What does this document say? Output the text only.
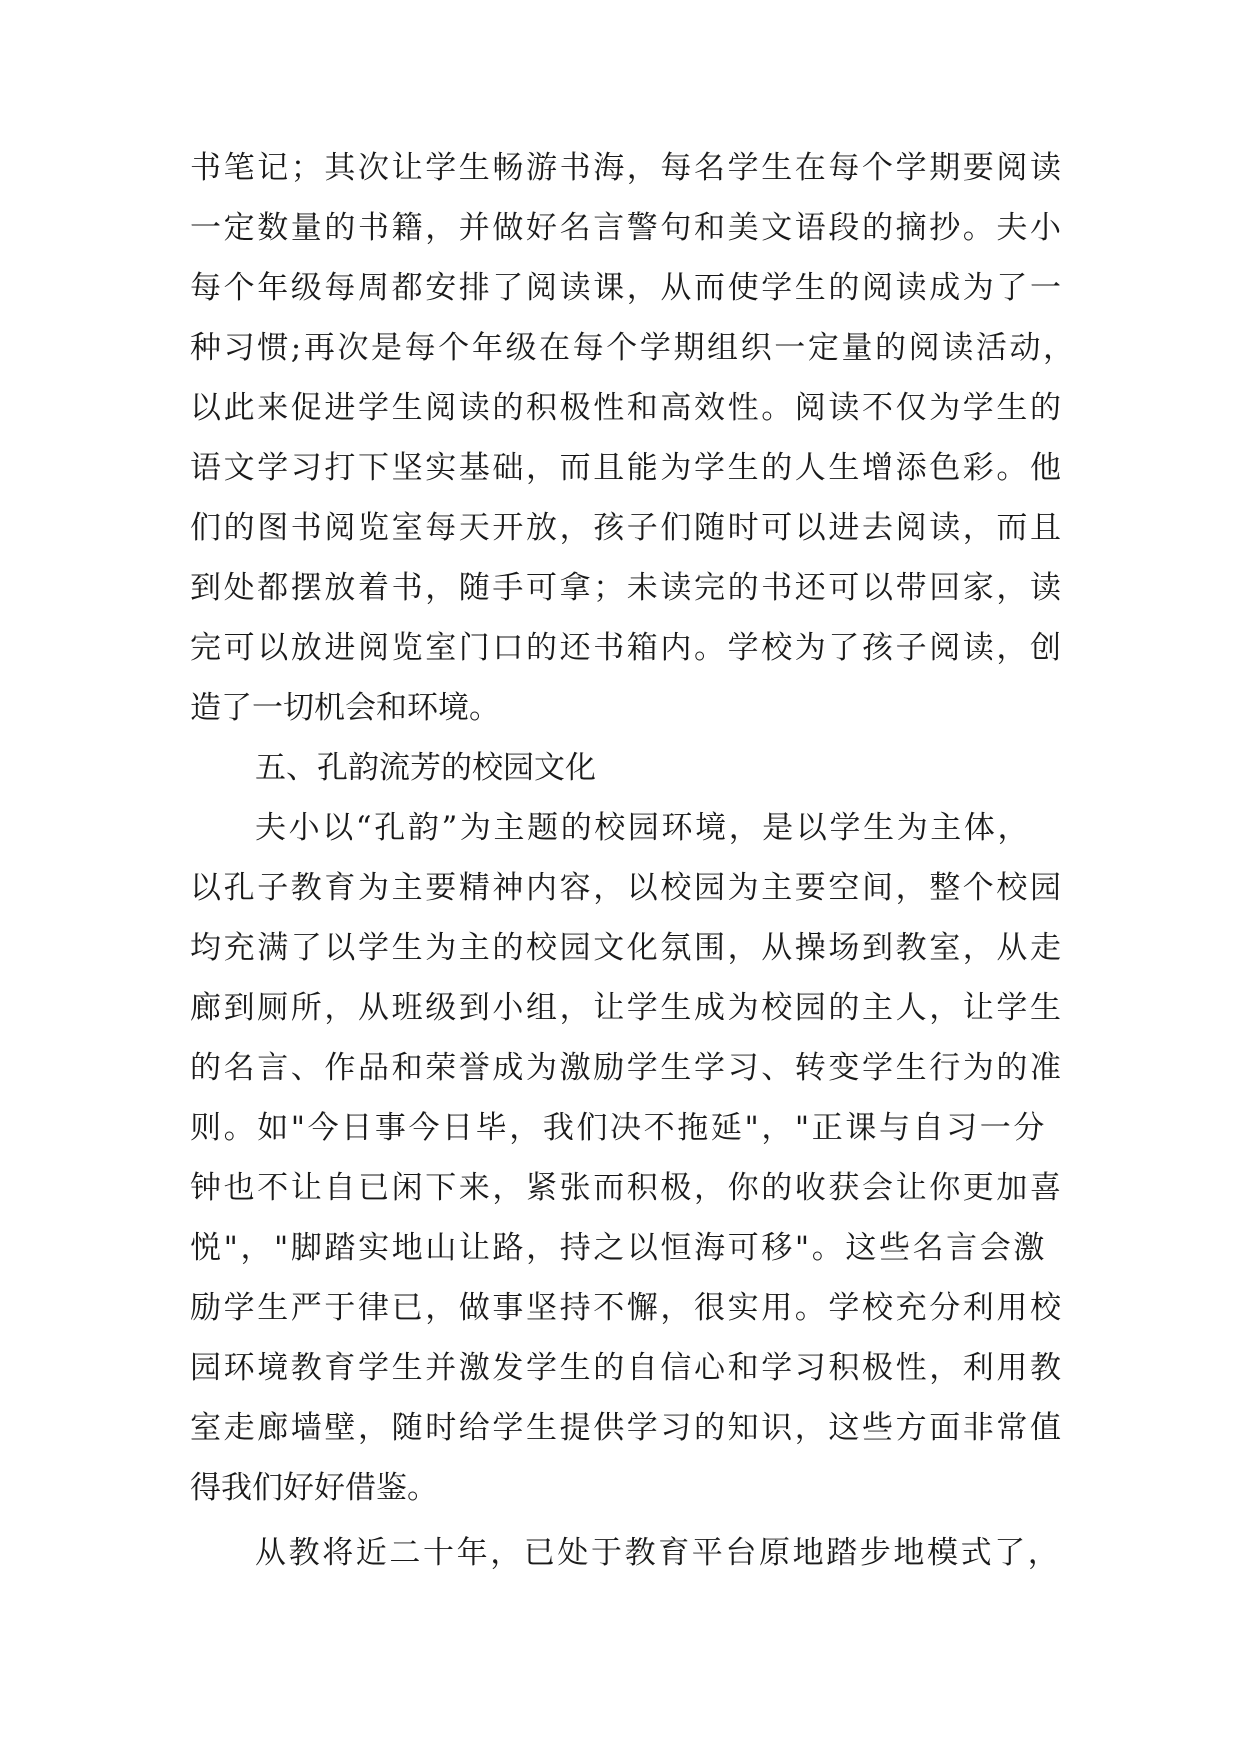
书笔记；其次让学生畅游书海，每名学生在每个学期要阅读
一定数量的书籍，并做好名言警句和美文语段的摘抄。夫小
每个年级每周都安排了阅读课，从而使学生的阅读成为了一
种习惯;再次是每个年级在每个学期组织一定量的阅读活动，
以此来促进学生阅读的积极性和高效性。阅读不仅为学生的
语文学习打下坚实基础，而且能为学生的人生增添色彩。他
们的图书阅览室每天开放，孩子们随时可以进去阅读，而且
到处都摆放着书，随手可拿；未读完的书还可以带回家，读
完可以放进阅览室门口的还书箱内。学校为了孩子阅读，创
造了一切机会和环境。
五、孔韵流芳的校园文化
夫小以“孔韵”为主题的校园环境，是以学生为主体，
以孔子教育为主要精神内容，以校园为主要空间，整个校园
均充满了以学生为主的校园文化氛围，从操场到教室，从走
廊到厕所，从班级到小组，让学生成为校园的主人，让学生
的名言、作品和荣誉成为激励学生学习、转变学生行为的准
则。如"今日事今日毕，我们决不拖延"，"正课与自习一分
钟也不让自已闲下来，紧张而积极，你的收获会让你更加喜
悦"，"脚踏实地山让路，持之以恒海可移"。这些名言会激
励学生严于律已，做事坚持不懈，很实用。学校充分利用校
园环境教育学生并激发学生的自信心和学习积极性，利用教
室走廊墙壁，随时给学生提供学习的知识，这些方面非常值
得我们好好借鉴。
从教将近二十年，已处于教育平台原地踏步地模式了，
